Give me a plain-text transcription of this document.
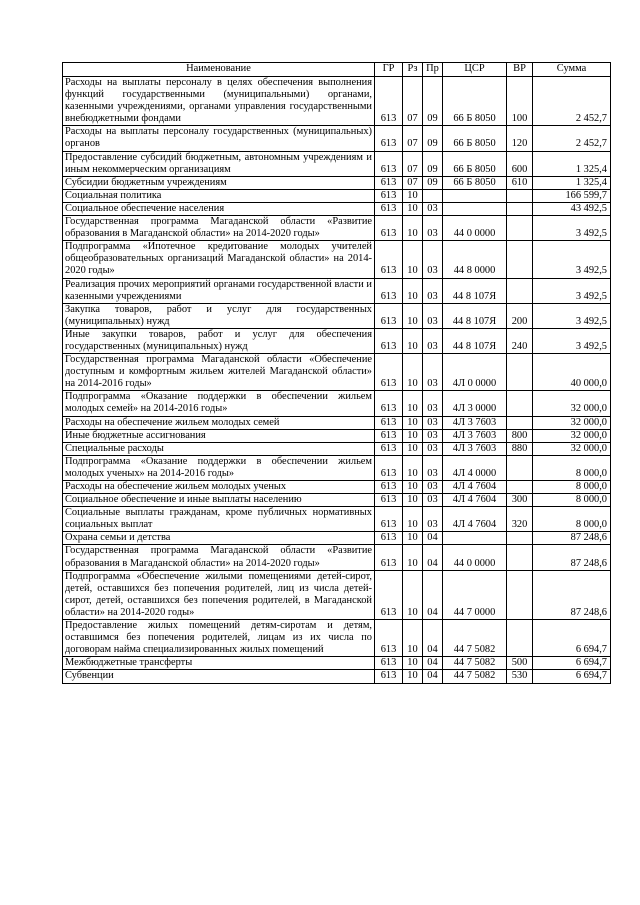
Наименование	ГР	Рз	Пр	ЦСР	ВР	Сумма
Расходы на выплаты персоналу в целях обеспечения выполнения функций государственными (муниципальными) органами, казенными учреждениями, органами управления государственными внебюджетными фондами	613	07	09	66 Б 8050	100	2 452,7
Расходы на выплаты персоналу государственных (муниципальных) органов	613	07	09	66 Б 8050	120	2 452,7
Предоставление субсидий бюджетным, автономным учреждениям и иным некоммерческим организациям	613	07	09	66 Б 8050	600	1 325,4
Субсидии бюджетным учреждениям	613	07	09	66 Б 8050	610	1 325,4
Социальная политика	613	10				166 599,7
Социальное обеспечение населения	613	10	03			43 492,5
Государственная программа Магаданской области «Развитие образования в Магаданской области» на 2014-2020 годы»	613	10	03	44 0 0000		3 492,5
Подпрограмма «Ипотечное кредитование молодых учителей общеобразовательных организаций Магаданской области» на 2014-2020 годы»	613	10	03	44 8 0000		3 492,5
Реализация прочих мероприятий органами государственной власти и казенными учреждениями	613	10	03	44 8 107Я		3 492,5
Закупка товаров, работ и услуг для государственных (муниципальных) нужд	613	10	03	44 8 107Я	200	3 492,5
Иные закупки товаров, работ и услуг для обеспечения государственных (муниципальных) нужд	613	10	03	44 8 107Я	240	3 492,5
Государственная программа Магаданской области «Обеспечение доступным и комфортным жильем жителей Магаданской области» на 2014-2016 годы»	613	10	03	4Л 0 0000		40 000,0
Подпрограмма «Оказание поддержки в обеспечении жильем молодых семей» на 2014-2016 годы»	613	10	03	4Л 3 0000		32 000,0
Расходы на обеспечение жильем молодых семей	613	10	03	4Л 3 7603		32 000,0
Иные бюджетные ассигнования	613	10	03	4Л 3 7603	800	32 000,0
Специальные расходы	613	10	03	4Л 3 7603	880	32 000,0
Подпрограмма «Оказание поддержки в обеспечении жильем молодых ученых» на 2014-2016 годы»	613	10	03	4Л 4 0000		8 000,0
Расходы на обеспечение жильем молодых ученых	613	10	03	4Л 4 7604		8 000,0
Социальное обеспечение и иные выплаты населению	613	10	03	4Л 4 7604	300	8 000,0
Социальные выплаты гражданам, кроме публичных нормативных социальных выплат	613	10	03	4Л 4 7604	320	8 000,0
Охрана семьи и детства	613	10	04			87 248,6
Государственная программа Магаданской области «Развитие образования в Магаданской области» на 2014-2020 годы»	613	10	04	44 0 0000		87 248,6
Подпрограмма «Обеспечение жилыми помещениями детей-сирот, детей, оставшихся без попечения родителей, лиц из числа детей-сирот, детей, оставшихся без попечения родителей, в Магаданской области» на 2014-2020 годы»	613	10	04	44 7 0000		87 248,6
Предоставление жилых помещений детям-сиротам и детям, оставшимся без попечения родителей, лицам из их числа по договорам найма специализированных жилых помещений	613	10	04	44 7 5082		6 694,7
Межбюджетные трансферты	613	10	04	44 7 5082	500	6 694,7
Субвенции	613	10	04	44 7 5082	530	6 694,7
